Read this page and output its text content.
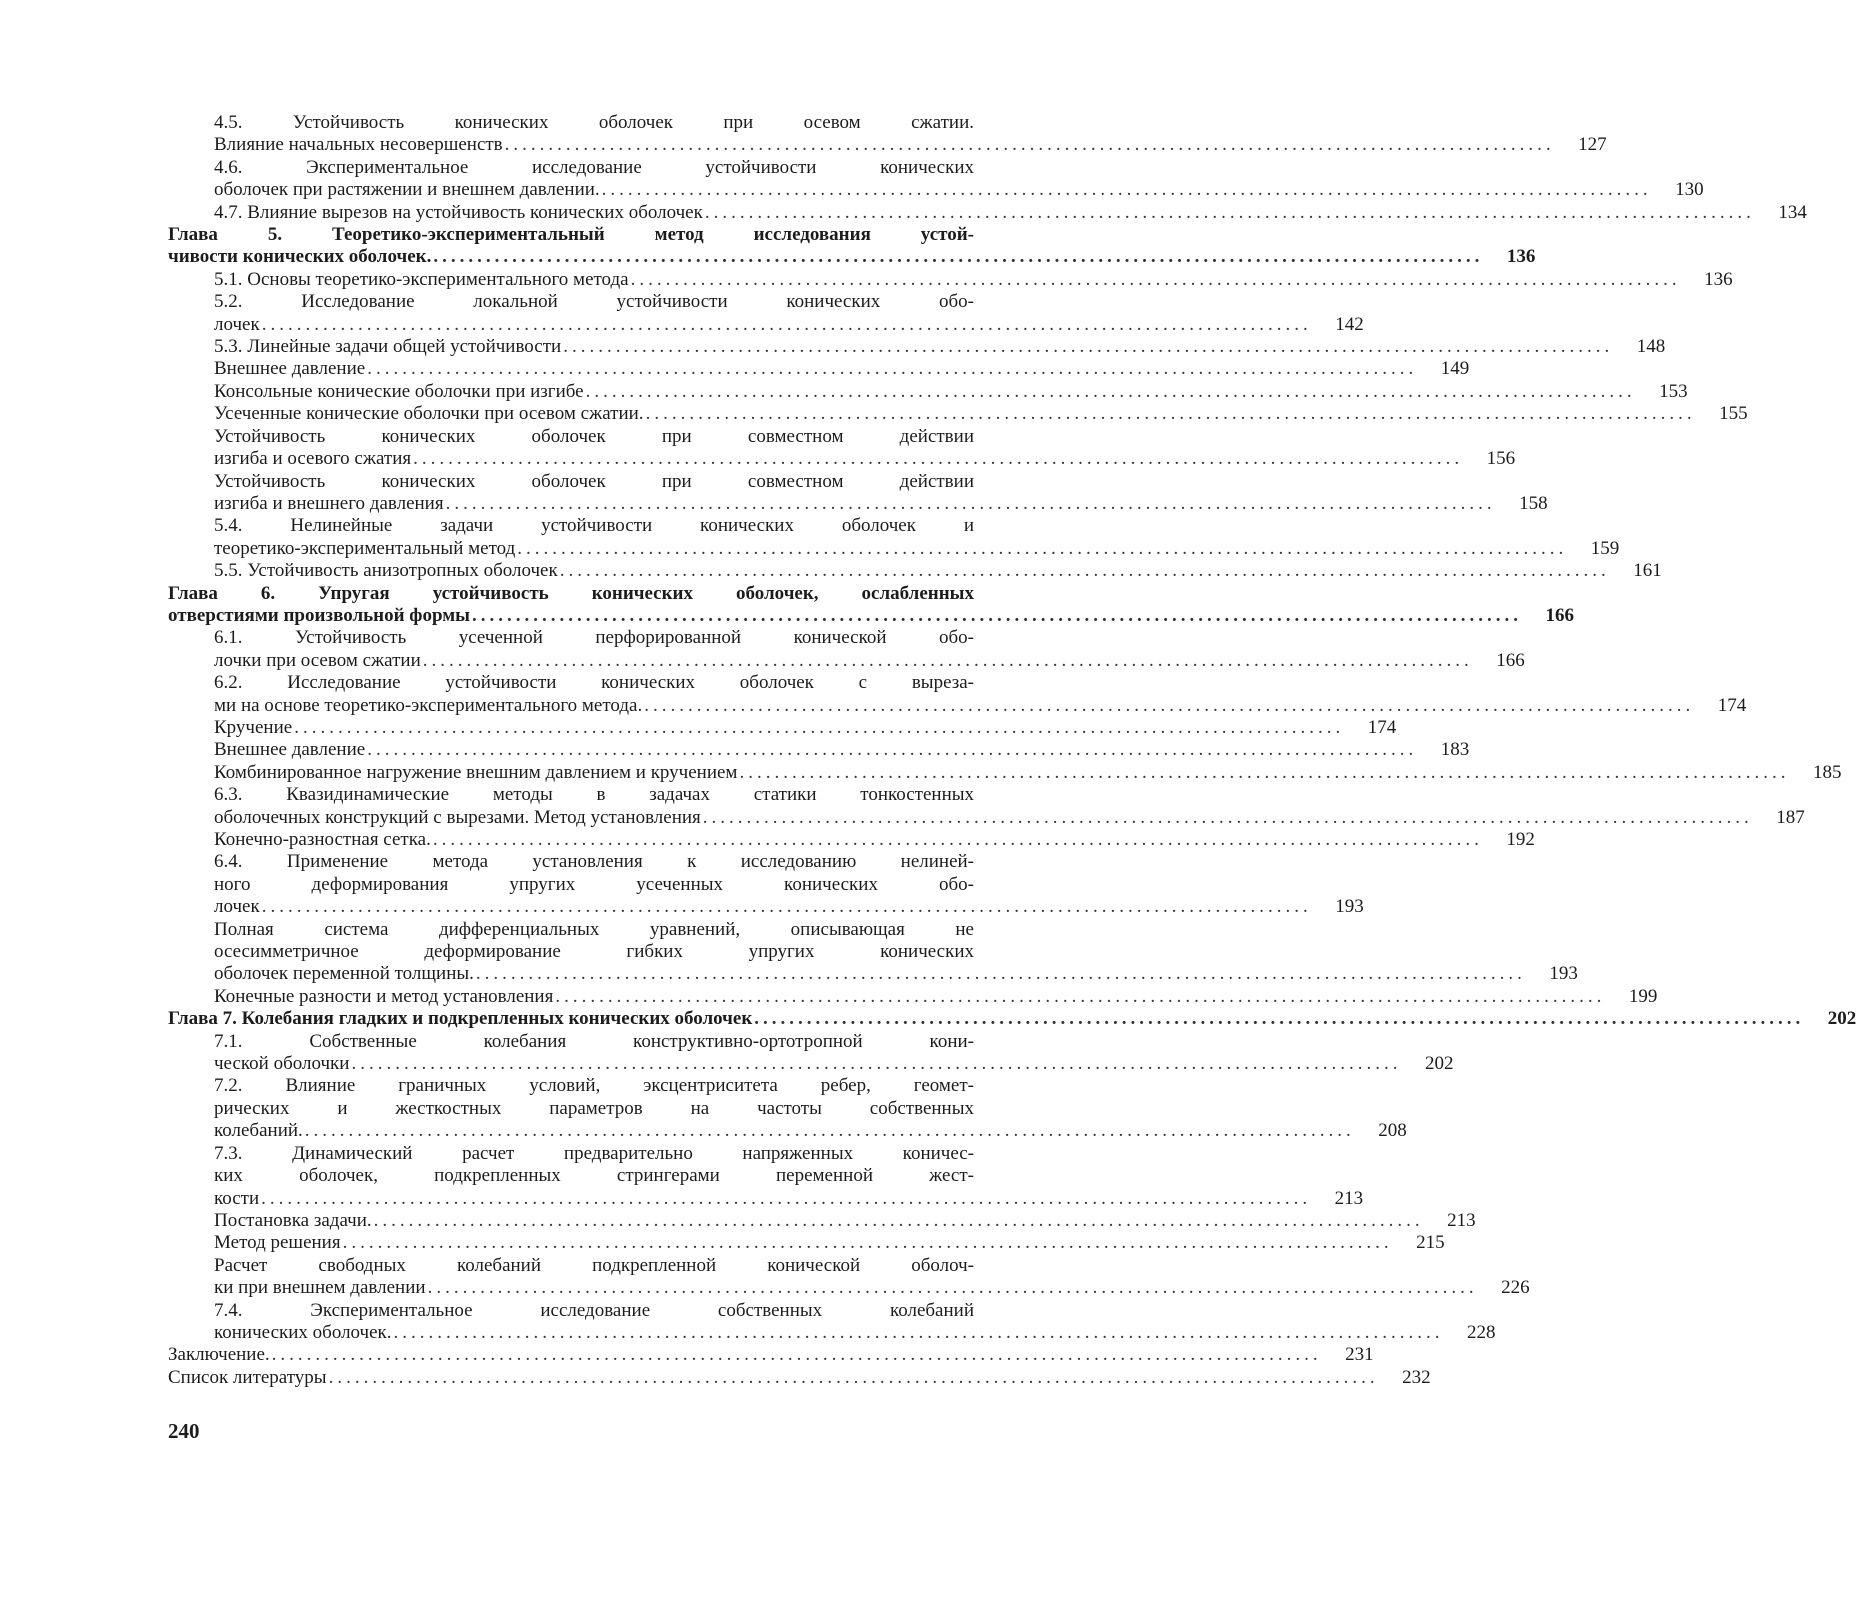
4.5. Устойчивость конических оболочек при осевом сжатии.
Влияние начальных несовершенств ........................................................................................................................	127
4.6. Экспериментальное исследование устойчивости конических
оболочек при растяжении и внешнем давлении. ........................................................................................................................	130
4.7. Влияние вырезов на устойчивость конических оболочек ........................................................................................................................	134
Глава 5. Теоретико-экспериментальный метод исследования устой-
чивости конических оболочек. ........................................................................................................................	136
5.1. Основы теоретико-экспериментального метода ........................................................................................................................	136
5.2. Исследование локальной устойчивости конических обо-
лочек ........................................................................................................................	142
5.3. Линейные задачи общей устойчивости ........................................................................................................................	148
Внешнее давление ........................................................................................................................	149
Консольные конические оболочки при изгибе ........................................................................................................................	153
Усеченные конические оболочки при осевом сжатии. ........................................................................................................................	155
Устойчивость конических оболочек при совместном действии
изгиба и осевого сжатия ........................................................................................................................	156
Устойчивость конических оболочек при совместном действии
изгиба и внешнего давления ........................................................................................................................	158
5.4. Нелинейные задачи устойчивости конических оболочек и
теоретико-экспериментальный метод ........................................................................................................................	159
5.5. Устойчивость анизотропных оболочек ........................................................................................................................	161
Глава 6. Упругая устойчивость конических оболочек, ослабленных
отверстиями произвольной формы ........................................................................................................................	166
6.1. Устойчивость усеченной перфорированной конической обо-
лочки при осевом сжатии ........................................................................................................................	166
6.2. Исследование устойчивости конических оболочек с выреза-
ми на основе теоретико-экспериментального метода. ........................................................................................................................	174
Кручение ........................................................................................................................	174
Внешнее давление ........................................................................................................................	183
Комбинированное нагружение внешним давлением и кручением ........................................................................................................................	185
6.3. Квазидинамические методы в задачах статики тонкостенных
оболочечных конструкций с вырезами. Метод установления ........................................................................................................................	187
Конечно-разностная сетка. ........................................................................................................................	192
6.4. Применение метода установления к исследованию нелиней-
ного деформирования упругих усеченных конических обо-
лочек ........................................................................................................................	193
Полная система дифференциальных уравнений, описывающая не
осесимметричное деформирование гибких упругих конических
оболочек переменной толщины. ........................................................................................................................	193
Конечные разности и метод установления ........................................................................................................................	199
Глава 7. Колебания гладких и подкрепленных конических оболочек ........................................................................................................................	202
7.1. Собственные колебания конструктивно-ортотропной кони-
ческой оболочки ........................................................................................................................	202
7.2. Влияние граничных условий, эксцентриситета ребер, геомет-
рических и жесткостных параметров на частоты собственных
колебаний. ........................................................................................................................	208
7.3. Динамический расчет предварительно напряженных коничес-
ких оболочек, подкрепленных стрингерами переменной жест-
кости ........................................................................................................................	213
Постановка задачи. ........................................................................................................................	213
Метод решения ........................................................................................................................	215
Расчет свободных колебаний подкрепленной конической оболоч-
ки при внешнем давлении ........................................................................................................................	226
7.4. Экспериментальное исследование собственных колебаний
конических оболочек. ........................................................................................................................	228
Заключение. ........................................................................................................................	231
Список литературы ........................................................................................................................	232
240
